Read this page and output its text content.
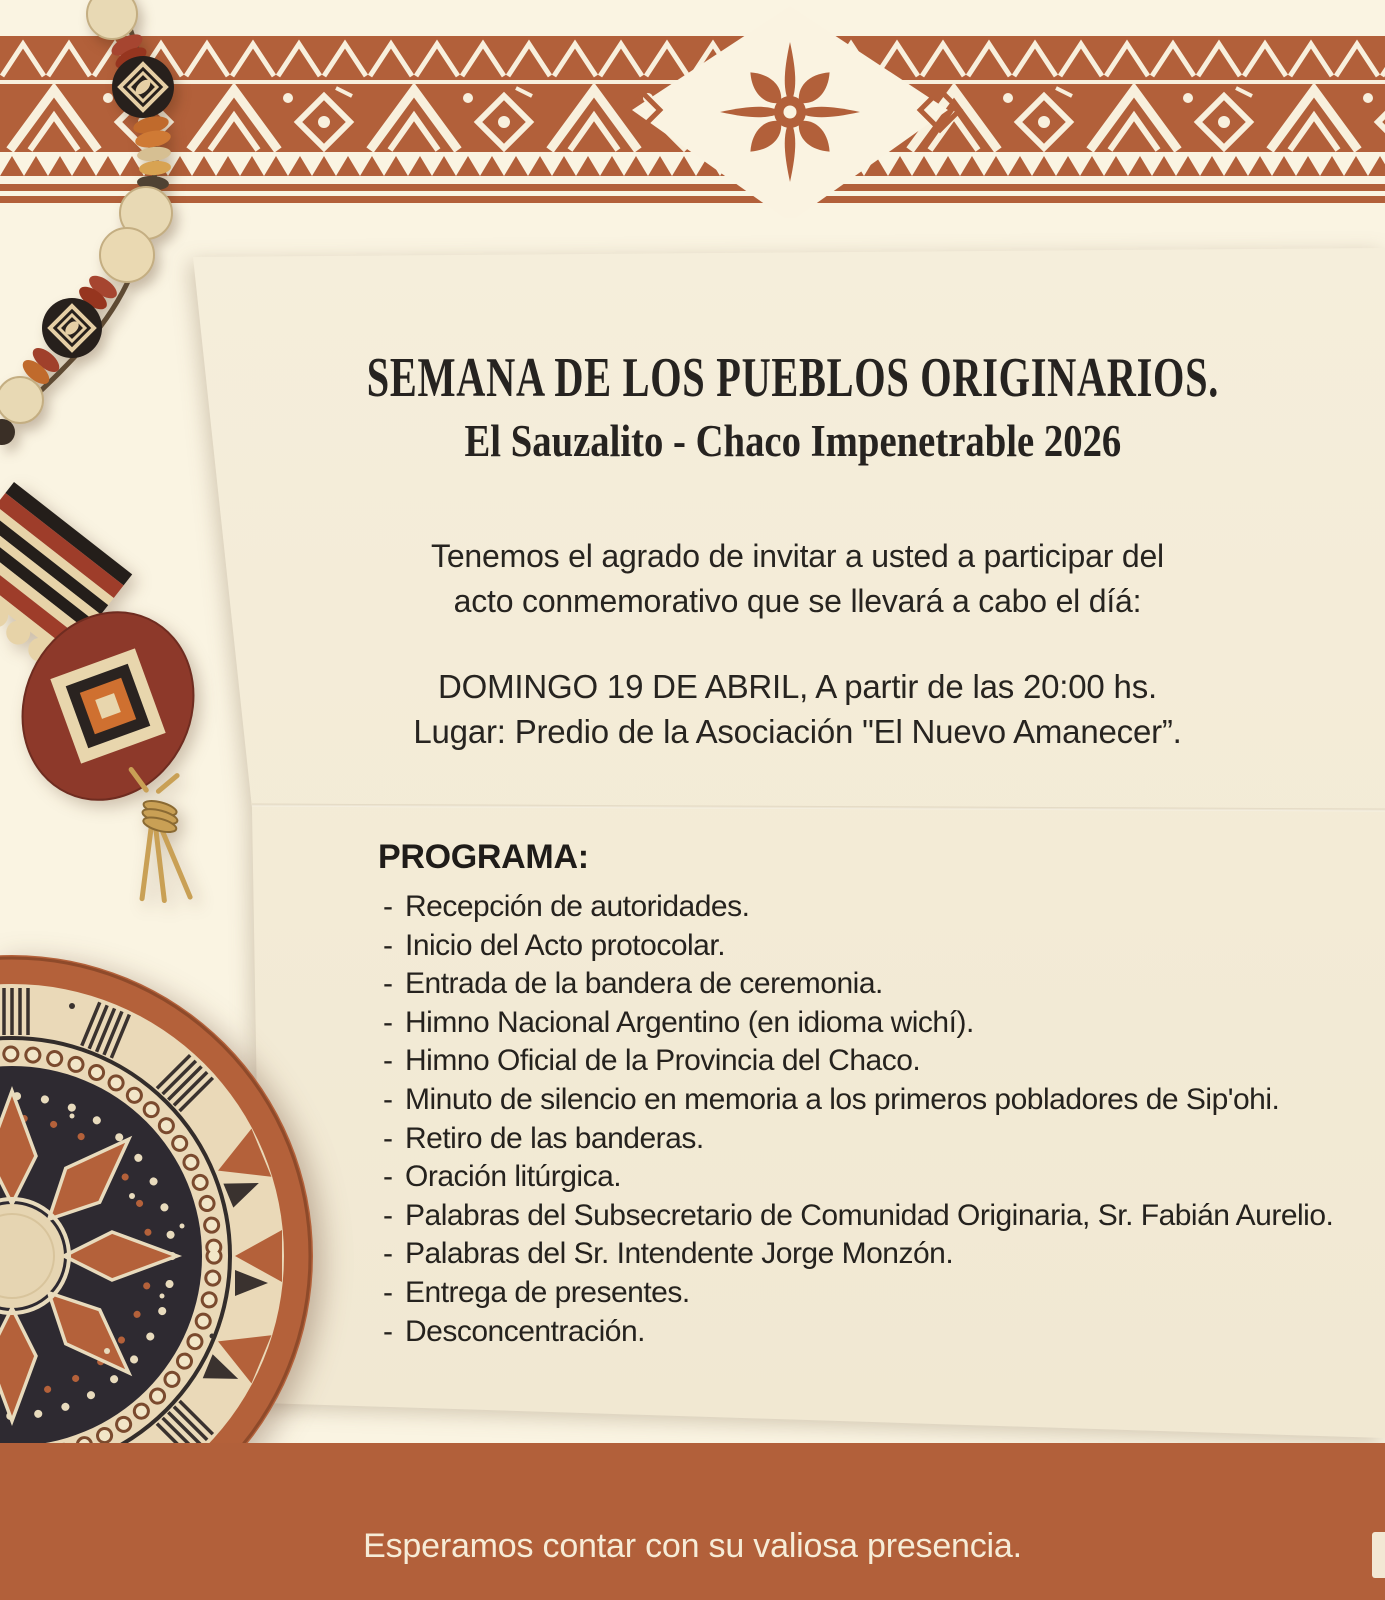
SEMANA DE LOS PUEBLOS ORIGINARIOS.
El Sauzalito - Chaco Impenetrable 2026
Tenemos el agrado de invitar a usted a participar del
acto conmemorativo que se llevará a cabo el díá:
DOMINGO 19 DE ABRIL, A partir de las 20:00 hs.
Lugar: Predio de la Asociación "El Nuevo Amanecer”.
PROGRAMA:
- Recepción de autoridades.
- Inicio del Acto protocolar.
- Entrada de la bandera de ceremonia.
- Himno Nacional Argentino (en idioma wichí).
- Himno Oficial de la Provincia del Chaco.
- Minuto de silencio en memoria a los primeros pobladores de Sip'ohi.
- Retiro de las banderas.
- Oración litúrgica.
- Palabras del Subsecretario de Comunidad Originaria, Sr. Fabián Aurelio.
- Palabras del Sr. Intendente Jorge Monzón.
- Entrega de presentes.
- Desconcentración.
Esperamos contar con su valiosa presencia.
